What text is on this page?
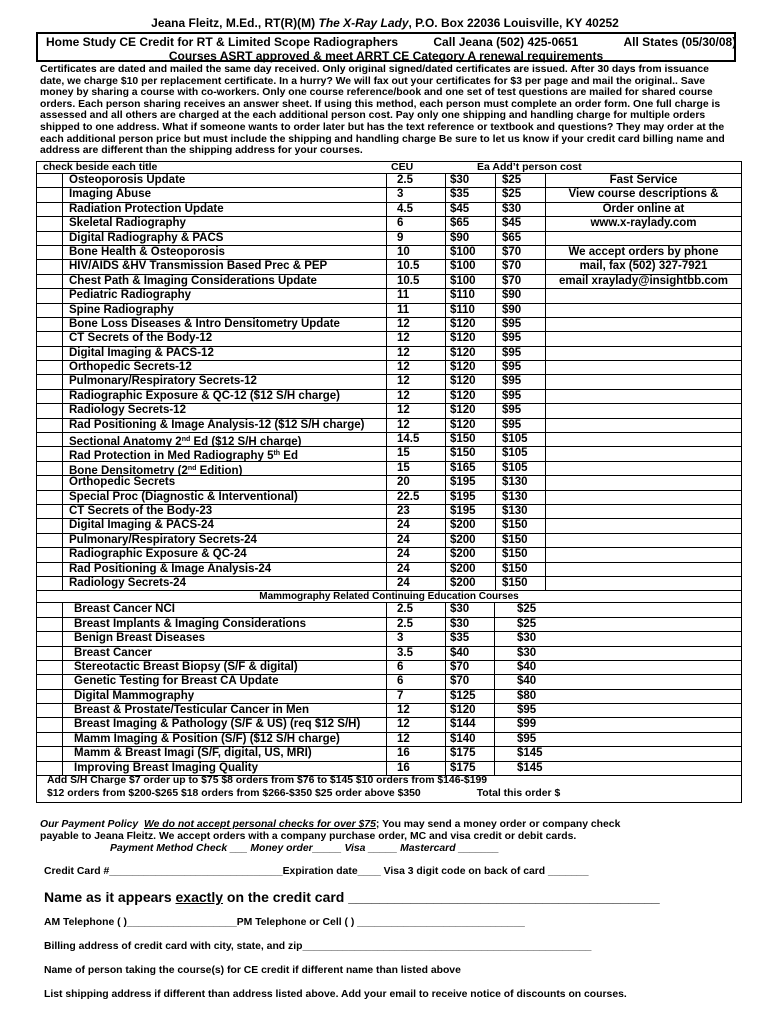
Jeana Fleitz, M.Ed., RT(R)(M) The X-Ray Lady, P.O. Box 22036 Louisville, KY 40252
Home Study CE Credit for RT & Limited Scope Radiographers	Call Jeana (502) 425-0651	All States (05/30/08)
Courses ASRT approved & meet ARRT CE Category A renewal requirements
Certificates are dated and mailed the same day received. Only original signed/dated certificates are issued. After 30 days from issuance date, we charge $10 per replacement certificate. In a hurry? We will fax out your certificates for $3 per page and mail the original.. Save money by sharing a course with co-workers. Only one course reference/book and one set of test questions are mailed for shared course orders. Each person sharing receives an answer sheet. If using this method, each person must complete an order form. One full charge is assessed and all others are charged at the each additional person cost. Pay only one shipping and handling charge for multiple orders shipped to one address. What if someone wants to order later but has the text reference or textbook and questions? They may order at the each additional person price but must include the shipping and handling charge Be sure to let us know if your credit card billing name and address are different than the shipping address for your courses.
check beside each title	CEU	Ea Add’t person cost
Osteoporosis Update	2.5	$30	$25	Fast Service
Imaging Abuse	3	$35	$25	View course descriptions &
Radiation Protection Update	4.5	$45	$30	Order online at
Skeletal Radiography	6	$65	$45	www.x-raylady.com
Digital Radiography & PACS	9	$90	$65
Bone Health & Osteoporosis	10	$100	$70	We accept orders by phone
HIV/AIDS &HV Transmission Based Prec & PEP	10.5	$100	$70	mail, fax (502) 327-7921
Chest Path & Imaging Considerations Update	10.5	$100	$70	email xraylady@insightbb.com
Pediatric Radiography	11	$110	$90
Spine Radiography	11	$110	$90
Bone Loss Diseases & Intro Densitometry Update	12	$120	$95
CT Secrets of the Body-12	12	$120	$95
Digital Imaging & PACS-12	12	$120	$95
Orthopedic Secrets-12	12	$120	$95
Pulmonary/Respiratory Secrets-12	12	$120	$95
Radiographic Exposure & QC-12 ($12 S/H charge)	12	$120	$95
Radiology Secrets-12	12	$120	$95
Rad Positioning & Image Analysis-12 ($12 S/H charge)	12	$120	$95
Sectional Anatomy 2nd Ed ($12 S/H charge)	14.5	$150	$105
Rad Protection in Med Radiography 5th Ed	15	$150	$105
Bone Densitometry (2nd Edition)	15	$165	$105
Orthopedic Secrets	20	$195	$130
Special Proc (Diagnostic & Interventional)	22.5	$195	$130
CT Secrets of the Body-23	23	$195	$130
Digital Imaging & PACS-24	24	$200	$150
Pulmonary/Respiratory Secrets-24	24	$200	$150
Radiographic Exposure & QC-24	24	$200	$150
Rad Positioning & Image Analysis-24	24	$200	$150
Radiology Secrets-24	24	$200	$150
Mammography Related Continuing Education Courses
Breast Cancer NCI	2.5	$30	$25
Breast Implants & Imaging Considerations	2.5	$30	$25
Benign Breast Diseases	3	$35	$30
Breast Cancer	3.5	$40	$30
Stereotactic Breast Biopsy (S/F & digital)	6	$70	$40
Genetic Testing for Breast CA Update	6	$70	$40
Digital Mammography	7	$125	$80
Breast & Prostate/Testicular Cancer in Men	12	$120	$95
Breast Imaging & Pathology (S/F & US) (req $12 S/H)	12	$144	$99
Mamm Imaging & Position (S/F) ($12 S/H charge)	12	$140	$95
Mamm & Breast Imagi (S/F, digital, US, MRI)	16	$175	$145
Improving Breast Imaging Quality	16	$175	$145
Add S/H Charge $7 order up to $75 $8 orders from $76 to $145 $10 orders from $146-$199
$12 orders from $200-$265 $18 orders from $266-$350 $25 order above $350	Total this order $
Our Payment Policy We do not accept personal checks for over $75; You may send a money order or company check
payable to Jeana Fleitz. We accept orders with a company purchase order, MC and visa credit or debit cards.
Payment Method Check ___ Money order_____ Visa _____ Mastercard _______
Credit Card #______________________________Expiration date____ Visa 3 digit code on back of card _______
Name as it appears exactly on the credit card ________________________________________
AM Telephone ( )___________________PM Telephone or Cell ( ) _____________________________
Billing address of credit card with city, state, and zip__________________________________________________
Name of person taking the course(s) for CE credit if different name than listed above
List shipping address if different than address listed above. Add your email to receive notice of discounts on courses.
